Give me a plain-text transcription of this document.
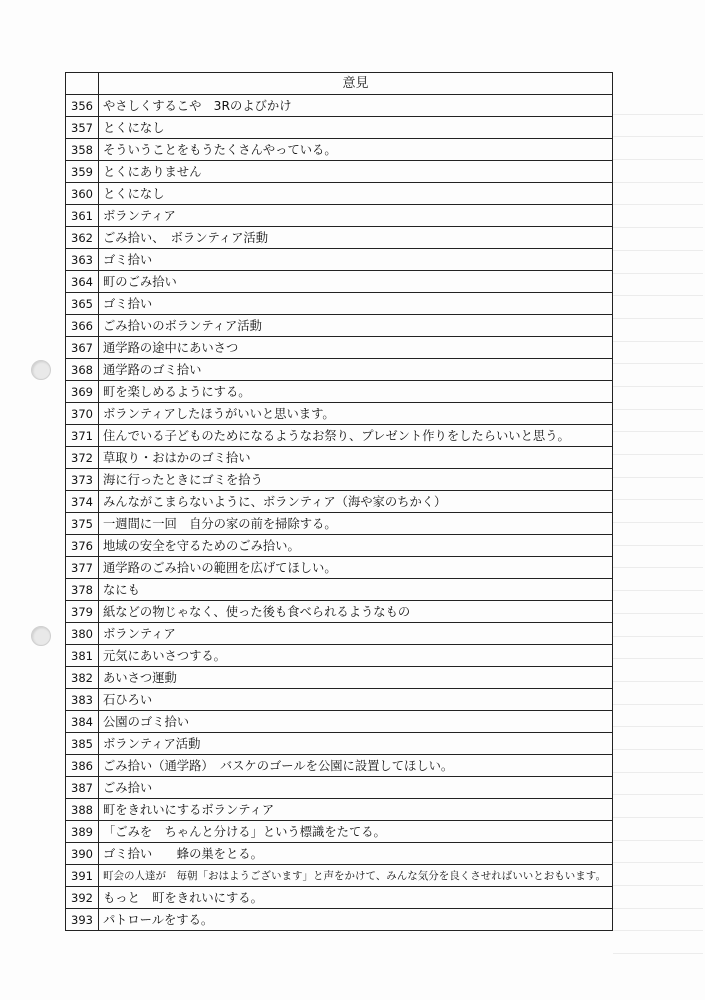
	意見
356	やさしくするこや　3Rのよびかけ
357	とくになし
358	そういうことをもうたくさんやっている。
359	とくにありません
360	とくになし
361	ボランティア
362	ごみ拾い、　ボランティア活動
363	ゴミ拾い
364	町のごみ拾い
365	ゴミ拾い
366	ごみ拾いのボランティア活動
367	通学路の途中にあいさつ
368	通学路のゴミ拾い
369	町を楽しめるようにする。
370	ボランティアしたほうがいいと思います。
371	住んでいる子どものためになるようなお祭り、プレゼント作りをしたらいいと思う。
372	草取り・おはかのゴミ拾い
373	海に行ったときにゴミを拾う
374	みんながこまらないように、ボランティア（海や家のちかく）
375	一週間に一回　自分の家の前を掃除する。
376	地域の安全を守るためのごみ拾い。
377	通学路のごみ拾いの範囲を広げてほしい。
378	なにも
379	紙などの物じゃなく、使った後も食べられるようなもの
380	ボランティア
381	元気にあいさつする。
382	あいさつ運動
383	石ひろい
384	公園のゴミ拾い
385	ボランティア活動
386	ごみ拾い（通学路）　バスケのゴールを公園に設置してほしい。
387	ごみ拾い
388	町をきれいにするボランティア
389	「ごみを　ちゃんと分ける」という標識をたてる。
390	ゴミ拾い　　蜂の巣をとる。
391	町会の人達が　毎朝「おはようございます」と声をかけて、みんな気分を良くさせればいいとおもいます。
392	もっと　町をきれいにする。
393	パトロールをする。
